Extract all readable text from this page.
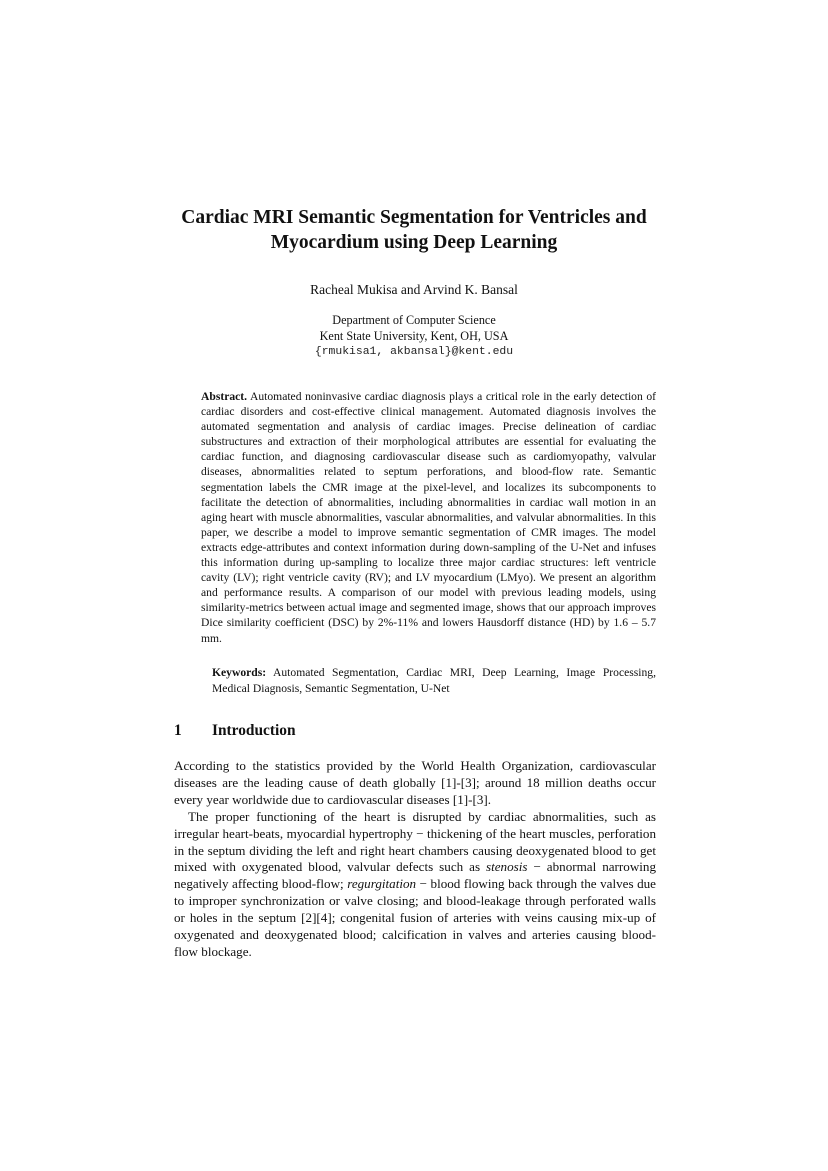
Cardiac MRI Semantic Segmentation for Ventricles and
Myocardium using Deep Learning

Racheal Mukisa and Arvind K. Bansal

Department of Computer Science
Kent State University, Kent, OH, USA
{rmukisa1, akbansal}@kent.edu

Abstract. Automated noninvasive cardiac diagnosis plays a critical role in the early detection of cardiac disorders and cost-effective clinical management. Automated diagnosis involves the automated segmentation and analysis of cardiac images. Precise delineation of cardiac substructures and extraction of their morphological attributes are essential for evaluating the cardiac function, and diagnosing cardiovascular disease such as cardiomyopathy, valvular diseases, abnormalities related to septum perforations, and blood-flow rate. Semantic segmentation labels the CMR image at the pixel-level, and localizes its subcomponents to facilitate the detection of abnormalities, including abnormalities in cardiac wall motion in an aging heart with muscle abnormalities, vascular abnormalities, and valvular abnormalities. In this paper, we describe a model to improve semantic segmentation of CMR images. The model extracts edge-attributes and context information during down-sampling of the U-Net and infuses this information during up-sampling to localize three major cardiac structures: left ventricle cavity (LV); right ventricle cavity (RV); and LV myocardium (LMyo). We present an algorithm and performance results. A comparison of our model with previous leading models, using similarity-metrics between actual image and segmented image, shows that our approach improves Dice similarity coefficient (DSC) by 2%-11% and lowers Hausdorff distance (HD) by 1.6 – 5.7 mm.

Keywords: Automated Segmentation, Cardiac MRI, Deep Learning, Image Processing, Medical Diagnosis, Semantic Segmentation, U-Net

1 Introduction

According to the statistics provided by the World Health Organization, cardiovascular diseases are the leading cause of death globally [1]-[3]; around 18 million deaths occur every year worldwide due to cardiovascular diseases [1]-[3].

The proper functioning of the heart is disrupted by cardiac abnormalities, such as irregular heart-beats, myocardial hypertrophy − thickening of the heart muscles, perforation in the septum dividing the left and right heart chambers causing deoxygenated blood to get mixed with oxygenated blood, valvular defects such as stenosis − abnormal narrowing negatively affecting blood-flow; regurgitation − blood flowing back through the valves due to improper synchronization or valve closing; and blood-leakage through perforated walls or holes in the septum [2][4]; congenital fusion of arteries with veins causing mix-up of oxygenated and deoxygenated blood; calcification in valves and arteries causing blood-flow blockage.
